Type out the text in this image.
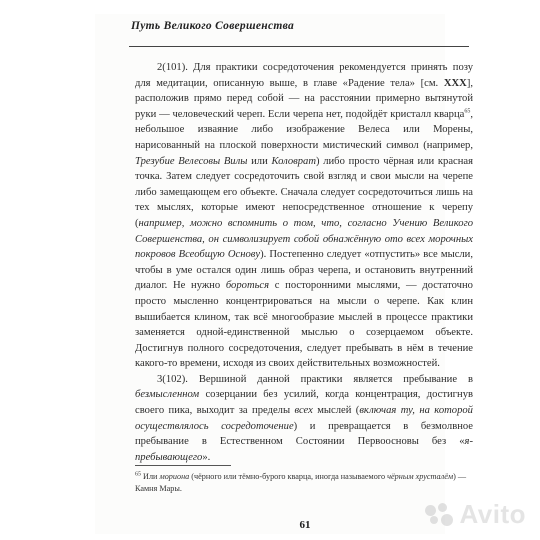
Путь Великого Совершенства

2(101). Для практики сосредоточения рекомендуется принять позу для медитации, описанную выше, в главе «Радение тела» [см. XXX], расположив прямо перед собой — на расстоянии примерно вытянутой руки — человеческий череп. Если черепа нет, подойдёт кристалл кварца$^{65}$, небольшое изваяние либо изображение Велеса или Морены, нарисованный на плоской поверхности мистический символ (например, Трезубие Велесовы Вилы или Коловрат) либо просто чёрная или красная точка. Затем следует сосредоточить свой взгляд и свои мысли на черепе либо замещающем его объекте. Сначала следует сосредоточиться лишь на тех мыслях, которые имеют непосредственное отношение к черепу (например, можно вспомнить о том, что, согласно Учению Великого Совершенства, он символизирует собой обнажённую ото всех морочных покровов Всеобщую Основу). Постепенно следует «отпустить» все мысли, чтобы в уме остался один лишь образ черепа, и остановить внутренний диалог. Не нужно бороться с посторонними мыслями, — достаточно просто мысленно концентрироваться на мысли о черепе. Как клин вышибается клином, так всё многообразие мыслей в процессе практики заменяется одной-единственной мыслью о созерцаемом объекте. Достигнув полного сосредоточения, следует пребывать в нём в течение какого-то времени, исходя из своих действительных возможностей.

3(102). Вершиной данной практики является пребывание в безмысленном созерцании без усилий, когда концентрация, достигнув своего пика, выходит за пределы всех мыслей (включая ту, на которой осуществлялось сосредоточение) и превращается в безмолвное пребывание в Естественном Состоянии Первоосновы без «я-пребывающего».

$^{65}$ Или мориона (чёрного или тёмно-бурого кварца, иногда называемого чёрным хрусталём) — Камня Мары.
61	Avito
